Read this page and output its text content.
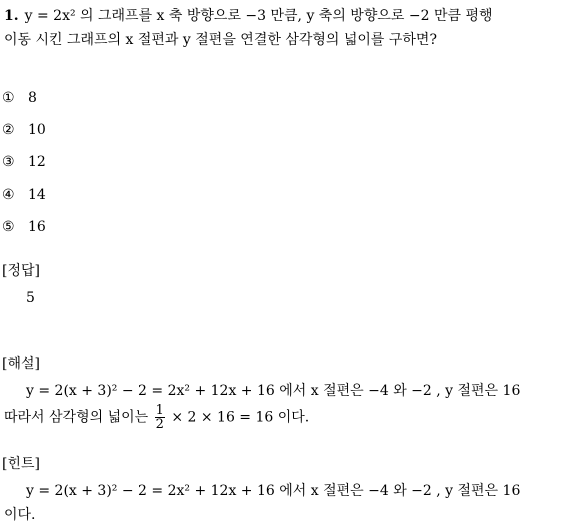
1. y = 2x² 의 그래프를 x 축 방향으로 −3 만큼, y 축의 방향으로 −2 만큼 평행
이동 시킨 그래프의 x 절편과 y 절편을 연결한 삼각형의 넓이를 구하면?
① 8
② 10
③ 12
④ 14
⑤ 16
[정답]
5
[해설]
y = 2(x + 3)² − 2 = 2x² + 12x + 16 에서 x 절편은 −4 와 −2 , y 절편은 16
따라서 삼각형의 넓이는 $\frac{1}{2} \times 2 \times 16 = 16$ 이다.
[힌트]
y = 2(x + 3)² − 2 = 2x² + 12x + 16 에서 x 절편은 −4 와 −2 , y 절편은 16
이다.
